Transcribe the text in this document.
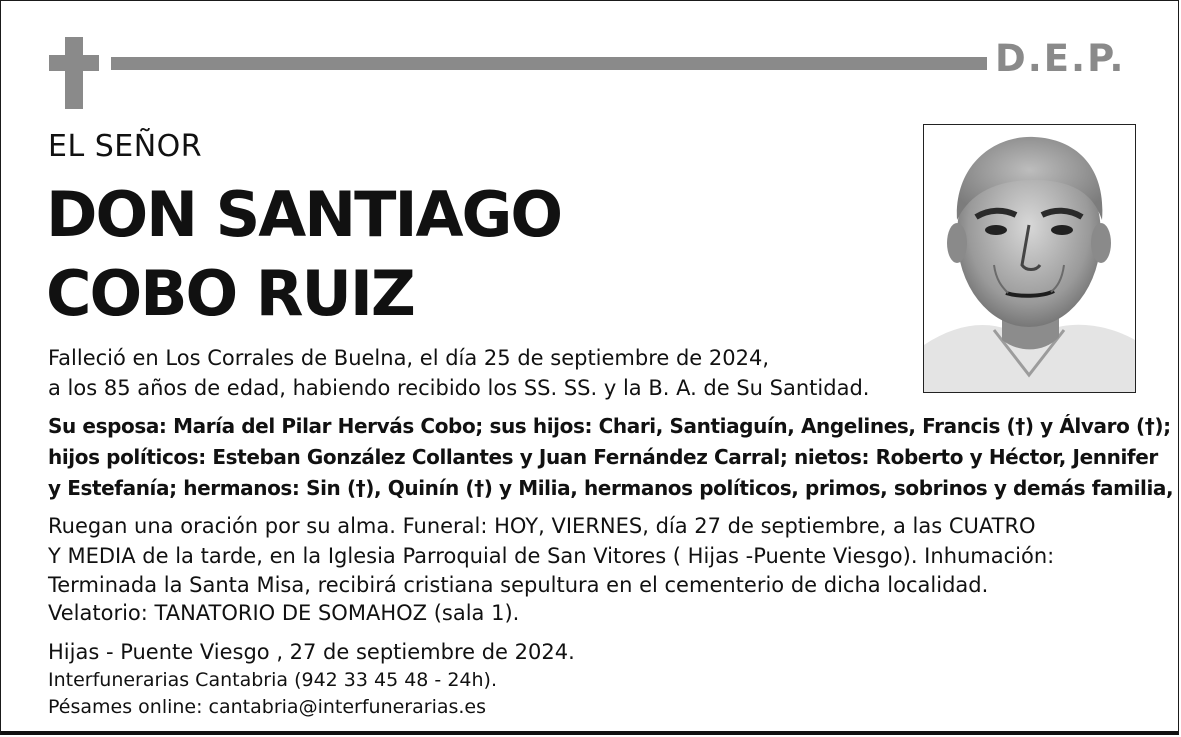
D.E.P.
EL SEÑOR
DON SANTIAGO
COBO RUIZ
Falleció en Los Corrales de Buelna, el día 25 de septiembre de 2024,
a los 85 años de edad, habiendo recibido los SS. SS. y la B. A. de Su Santidad.
Su esposa: María del Pilar Hervás Cobo; sus hijos: Chari, Santiaguín, Angelines, Francis (†) y Álvaro (†);
hijos políticos: Esteban González Collantes y Juan Fernández Carral; nietos: Roberto y Héctor, Jennifer
y Estefanía; hermanos: Sin (†), Quinín (†) y Milia, hermanos políticos, primos, sobrinos y demás familia,
Ruegan una oración por su alma. Funeral: HOY, VIERNES, día 27 de septiembre, a las CUATRO
Y MEDIA de la tarde, en la Iglesia Parroquial de San Vitores ( Hijas -Puente Viesgo). Inhumación:
Terminada la Santa Misa, recibirá cristiana sepultura en el cementerio de dicha localidad.
Velatorio: TANATORIO DE SOMAHOZ (sala 1).
Hijas - Puente Viesgo , 27 de septiembre de 2024.
Interfunerarias Cantabria (942 33 45 48 - 24h).
Pésames online: cantabria@interfunerarias.es
